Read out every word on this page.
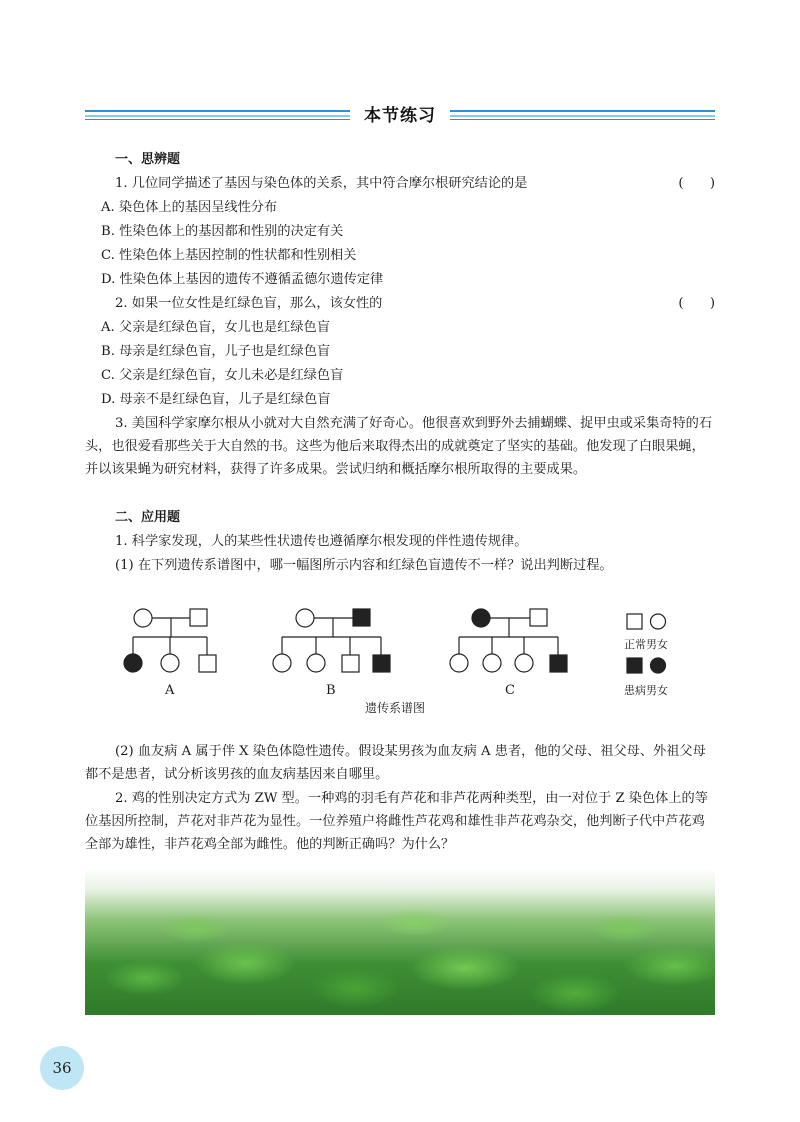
本节练习
一、思辨题
1. 几位同学描述了基因与染色体的关系，其中符合摩尔根研究结论的是	(　　)
A. 染色体上的基因呈线性分布
B. 性染色体上的基因都和性别的决定有关
C. 性染色体上基因控制的性状都和性别相关
D. 性染色体上基因的遗传不遵循孟德尔遗传定律
2. 如果一位女性是红绿色盲，那么，该女性的	(　　)
A. 父亲是红绿色盲，女儿也是红绿色盲
B. 母亲是红绿色盲，儿子也是红绿色盲
C. 父亲是红绿色盲，女儿未必是红绿色盲
D. 母亲不是红绿色盲，儿子是红绿色盲
3. 美国科学家摩尔根从小就对大自然充满了好奇心。他很喜欢到野外去捕蝴蝶、捉甲虫或采集奇特的石头，也很爱看那些关于大自然的书。这些为他后来取得杰出的成就奠定了坚实的基础。他发现了白眼果蝇，并以该果蝇为研究材料，获得了许多成果。尝试归纳和概括摩尔根所取得的主要成果。
二、应用题
1. 科学家发现，人的某些性状遗传也遵循摩尔根发现的伴性遗传规律。
(1) 在下列遗传系谱图中，哪一幅图所示内容和红绿色盲遗传不一样？说出判断过程。
(2) 血友病 A 属于伴 X 染色体隐性遗传。假设某男孩为血友病 A 患者，他的父母、祖父母、外祖父母都不是患者，试分析该男孩的血友病基因来自哪里。
2. 鸡的性别决定方式为 ZW 型。一种鸡的羽毛有芦花和非芦花两种类型，由一对位于 Z 染色体上的等位基因所控制，芦花对非芦花为显性。一位养殖户将雌性芦花鸡和雄性非芦花鸡杂交，他判断子代中芦花鸡全部为雄性，非芦花鸡全部为雌性。他的判断正确吗？为什么？
A	B	C
遗传系谱图
正常男女
患病男女
36
